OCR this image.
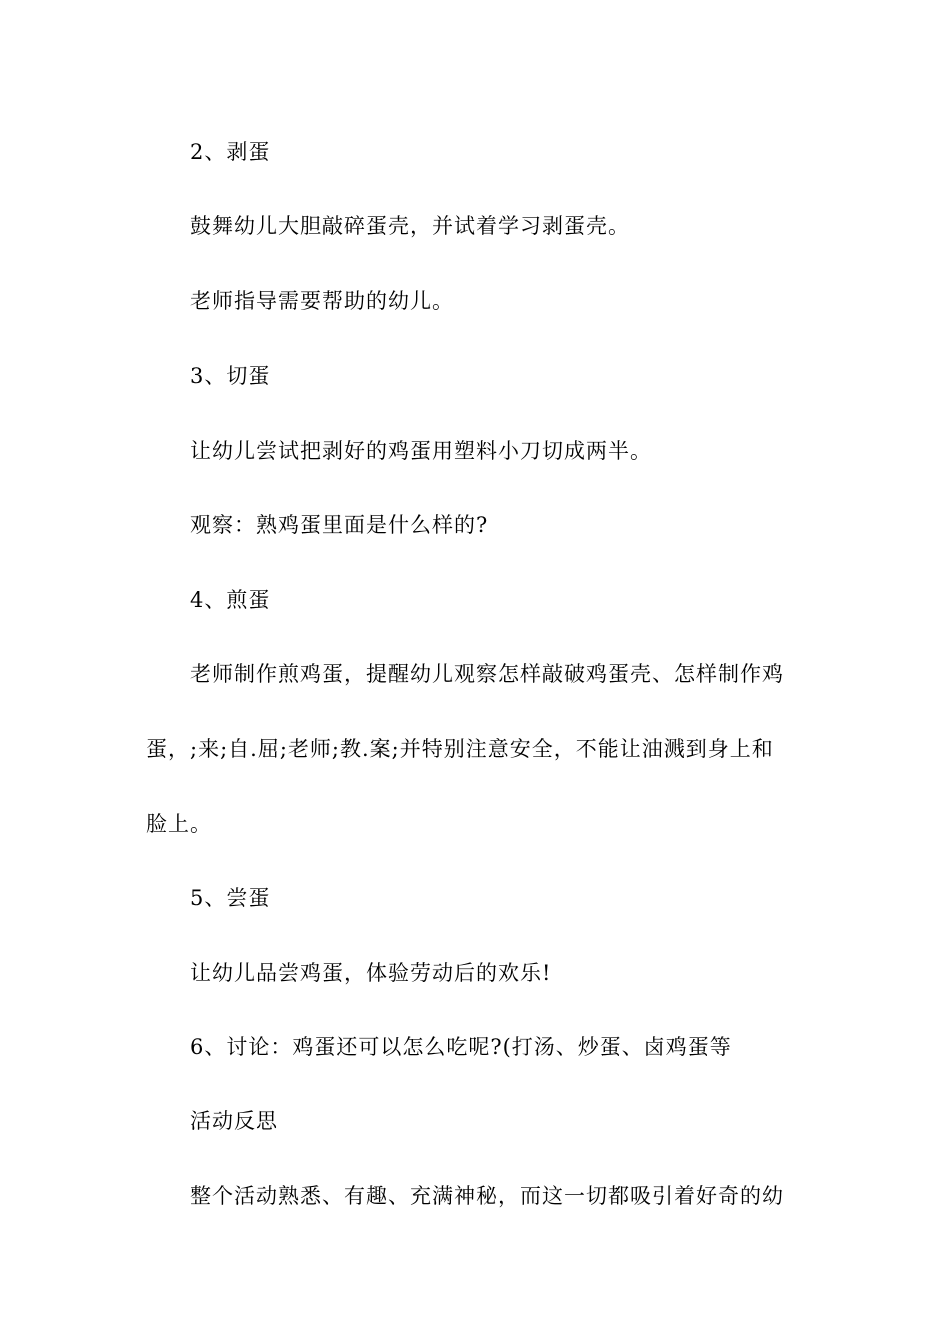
2、剥蛋
鼓舞幼儿大胆敲碎蛋壳，并试着学习剥蛋壳。
老师指导需要帮助的幼儿。
3、切蛋
让幼儿尝试把剥好的鸡蛋用塑料小刀切成两半。
观察：熟鸡蛋里面是什么样的?
4、煎蛋
老师制作煎鸡蛋，提醒幼儿观察怎样敲破鸡蛋壳、怎样制作鸡
蛋，;来;自.屈;老师;教.案;并特别注意安全，不能让油溅到身上和
脸上。
5、尝蛋
让幼儿品尝鸡蛋，体验劳动后的欢乐!
6、讨论：鸡蛋还可以怎么吃呢?(打汤、炒蛋、卤鸡蛋等
活动反思
整个活动熟悉、有趣、充满神秘，而这一切都吸引着好奇的幼
